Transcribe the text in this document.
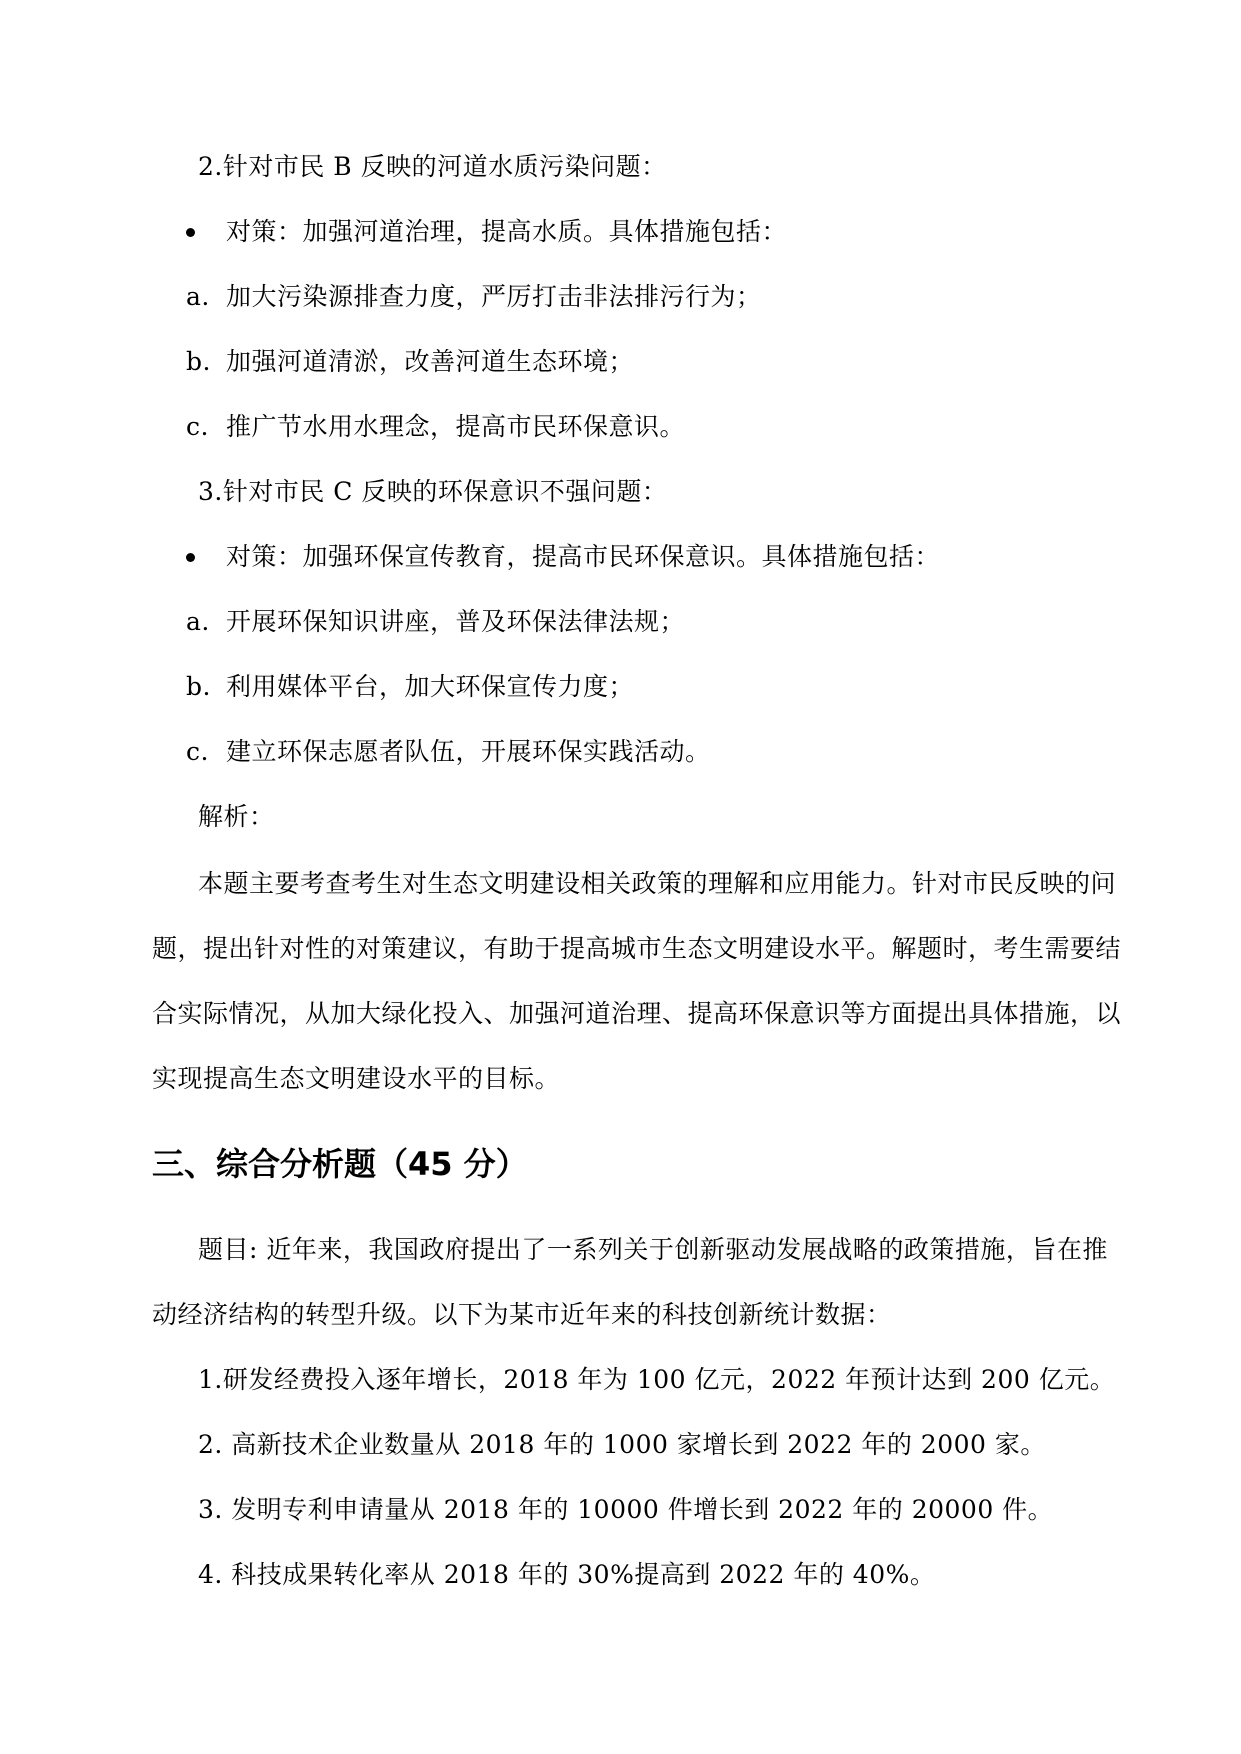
2.针对市民 B 反映的河道水质污染问题：
对策：加强河道治理，提高水质。具体措施包括：
a. 加大污染源排查力度，严厉打击非法排污行为；
b. 加强河道清淤，改善河道生态环境；
c. 推广节水用水理念，提高市民环保意识。
3.针对市民 C 反映的环保意识不强问题：
对策：加强环保宣传教育，提高市民环保意识。具体措施包括：
a. 开展环保知识讲座，普及环保法律法规；
b. 利用媒体平台，加大环保宣传力度；
c. 建立环保志愿者队伍，开展环保实践活动。
解析：
本题主要考查考生对生态文明建设相关政策的理解和应用能力。针对市民反映的问
题，提出针对性的对策建议，有助于提高城市生态文明建设水平。解题时，考生需要结
合实际情况，从加大绿化投入、加强河道治理、提高环保意识等方面提出具体措施，以
实现提高生态文明建设水平的目标。
三、综合分析题（45 分）
题目: 近年来，我国政府提出了一系列关于创新驱动发展战略的政策措施，旨在推
动经济结构的转型升级。以下为某市近年来的科技创新统计数据：
1.研发经费投入逐年增长，2018 年为 100 亿元，2022 年预计达到 200 亿元。
2. 高新技术企业数量从 2018 年的 1000 家增长到 2022 年的 2000 家。
3. 发明专利申请量从 2018 年的 10000 件增长到 2022 年的 20000 件。
4. 科技成果转化率从 2018 年的 30%提高到 2022 年的 40%。
